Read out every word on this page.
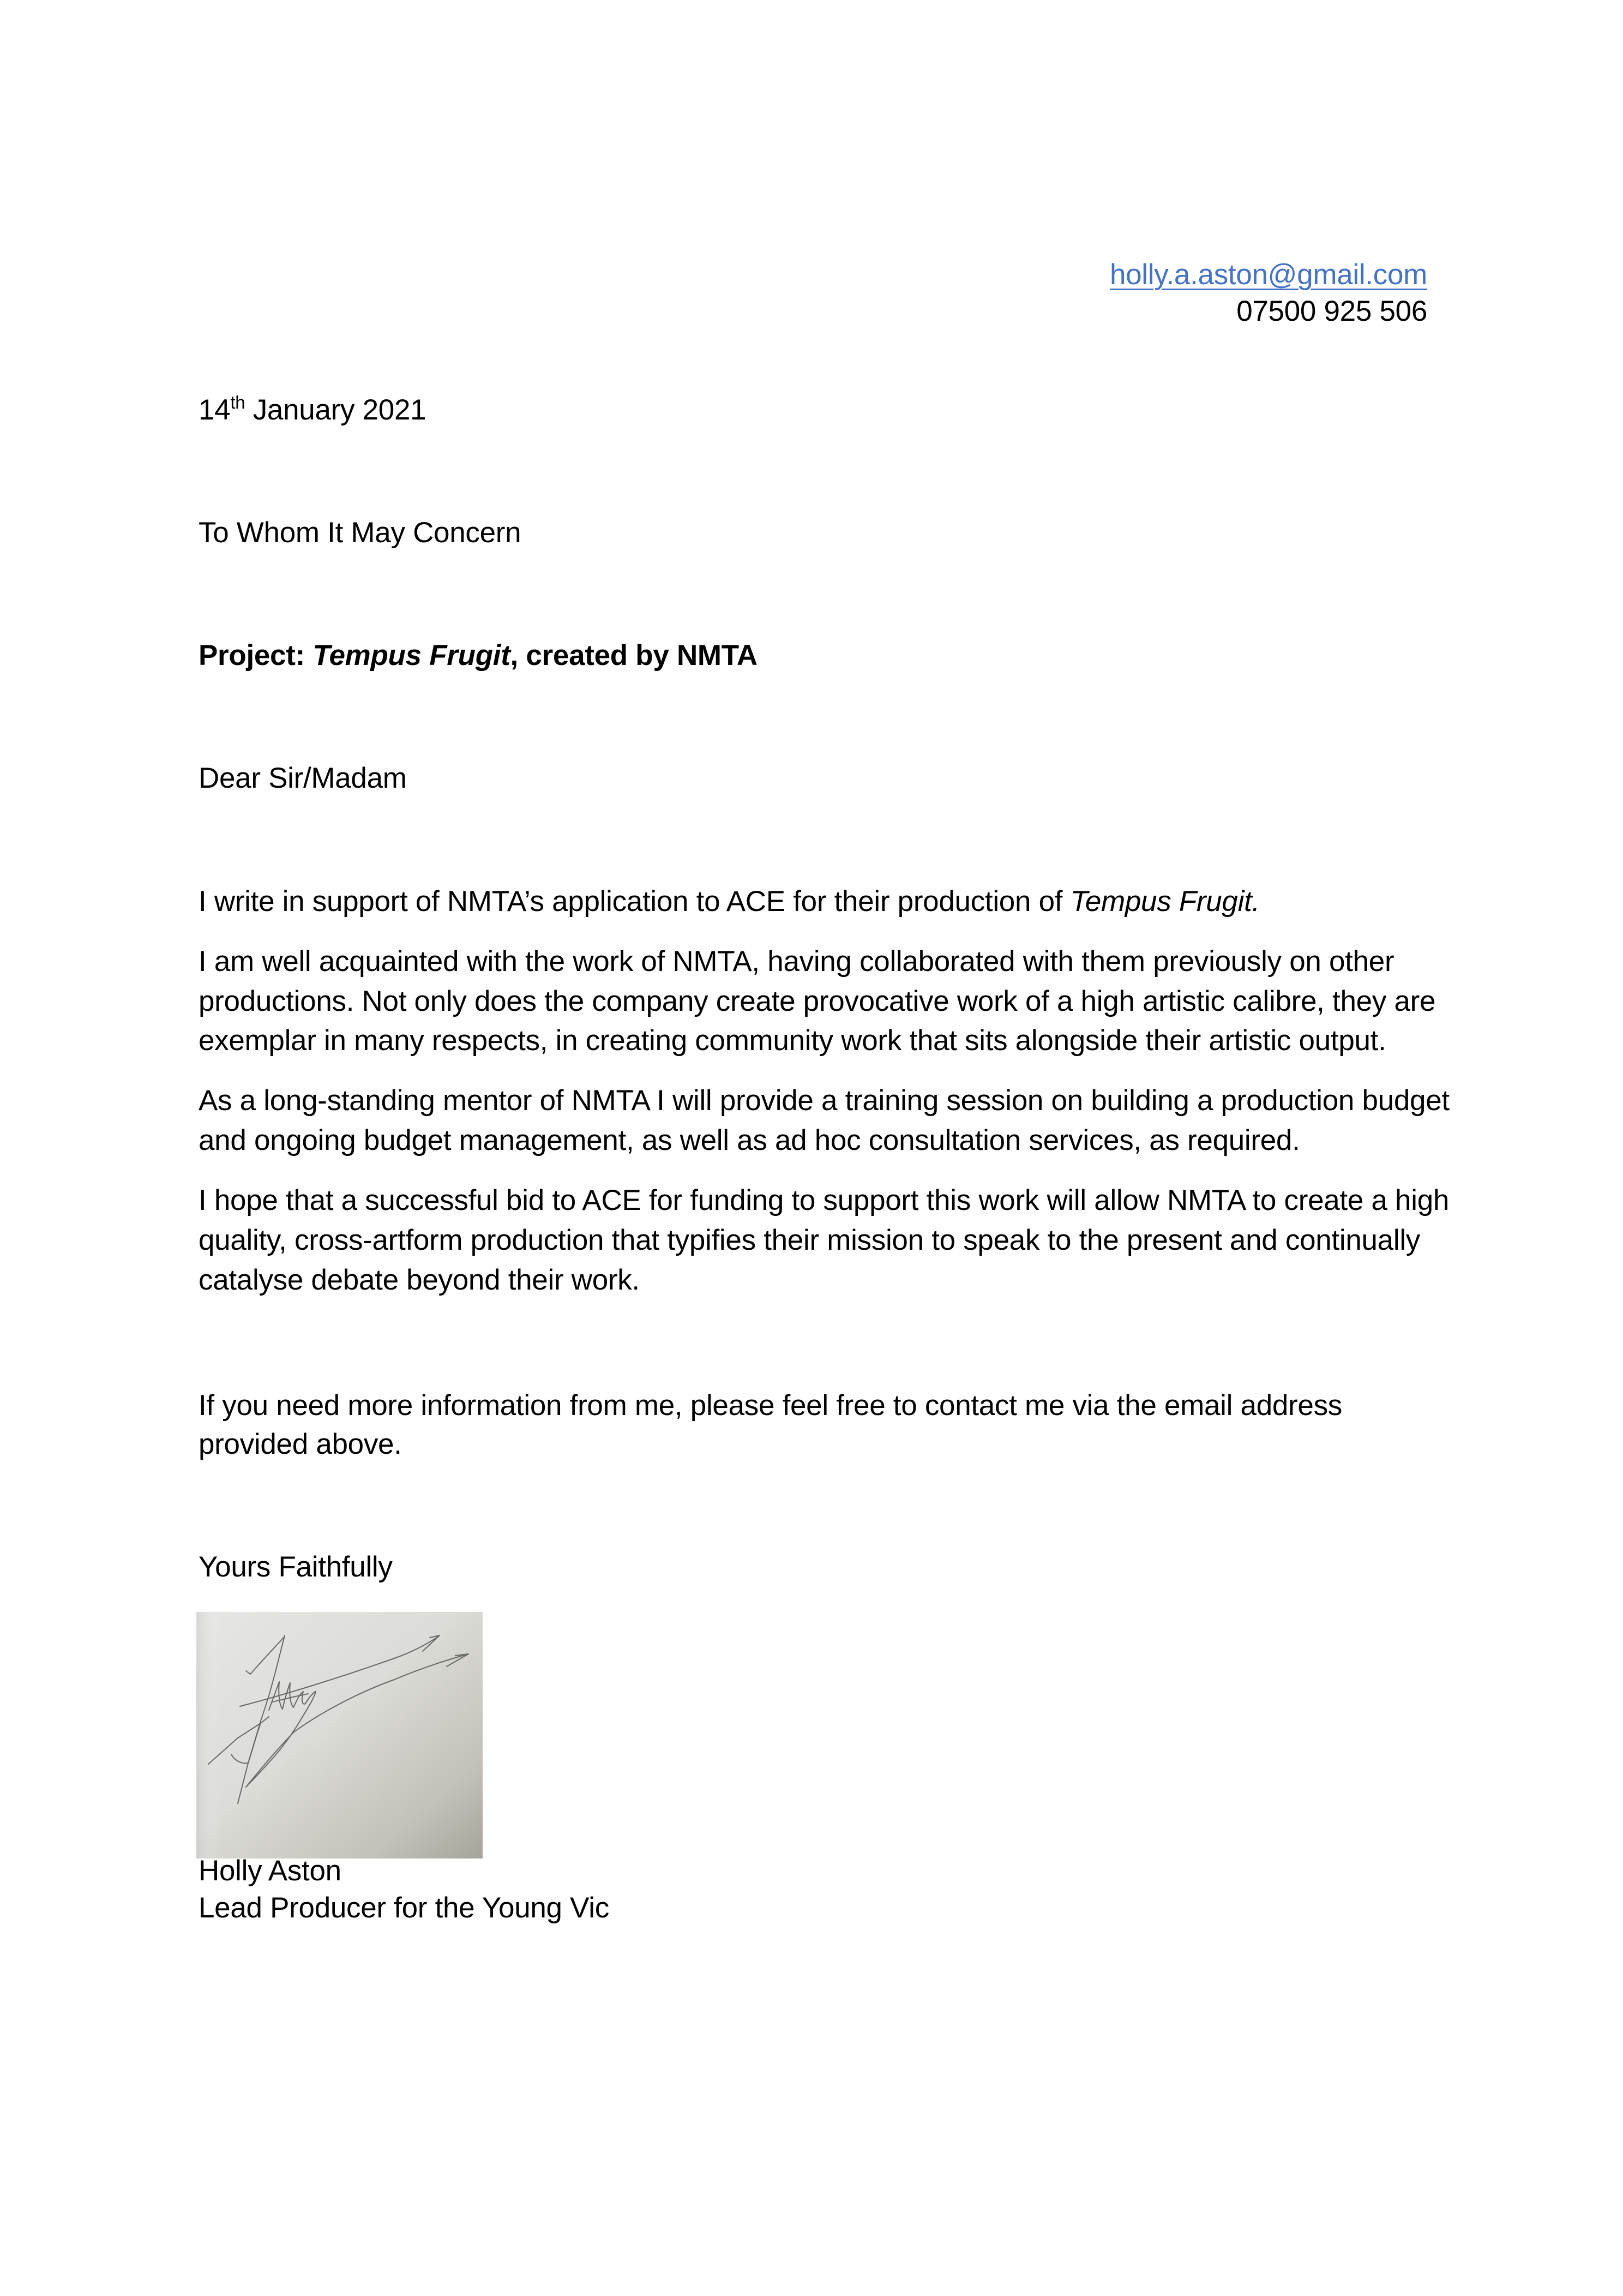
holly.a.aston@gmail.com
07500 925 506
14th January 2021
To Whom It May Concern
Project: Tempus Frugit, created by NMTA
Dear Sir/Madam
I write in support of NMTA’s application to ACE for their production of Tempus Frugit.
I am well acquainted with the work of NMTA, having collaborated with them previously on other
productions. Not only does the company create provocative work of a high artistic calibre, they are
exemplar in many respects, in creating community work that sits alongside their artistic output.
As a long-standing mentor of NMTA I will provide a training session on building a production budget
and ongoing budget management, as well as ad hoc consultation services, as required.
I hope that a successful bid to ACE for funding to support this work will allow NMTA to create a high
quality, cross-artform production that typifies their mission to speak to the present and continually
catalyse debate beyond their work.
If you need more information from me, please feel free to contact me via the email address
provided above.
Yours Faithfully
Holly Aston
Lead Producer for the Young Vic
